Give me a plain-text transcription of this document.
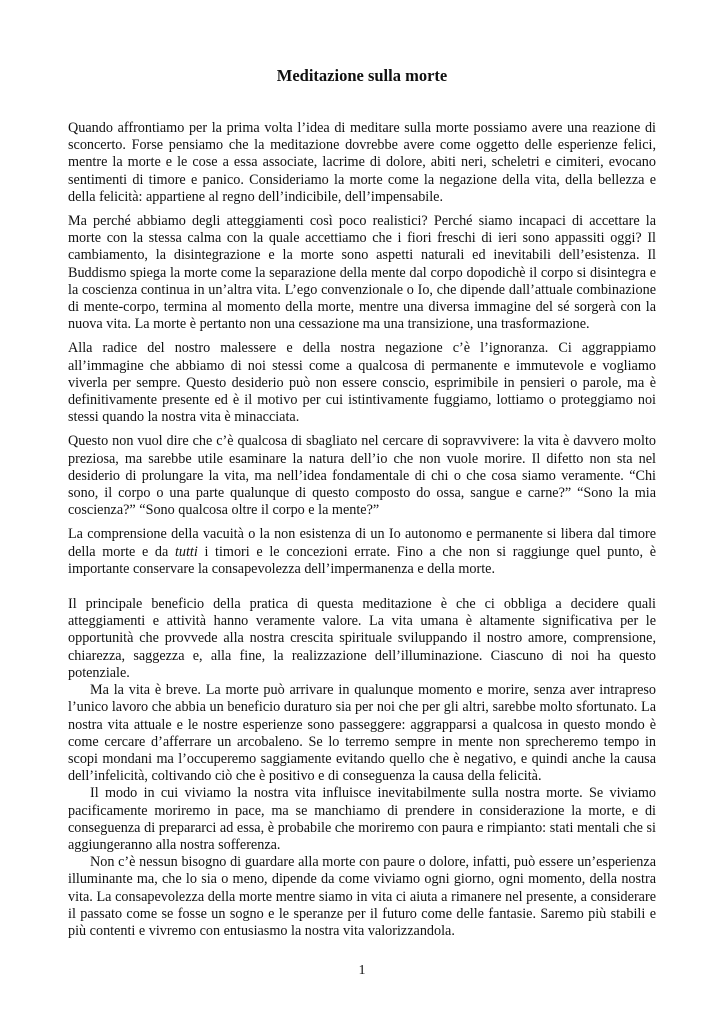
Meditazione sulla morte

Quando affrontiamo per la prima volta l’idea di meditare sulla morte possiamo avere una reazione di sconcerto. Forse pensiamo che la meditazione dovrebbe avere come oggetto delle esperienze felici, mentre la morte e le cose a essa associate, lacrime di dolore, abiti neri, scheletri e cimiteri, evocano sentimenti di timore e panico. Consideriamo la morte come la negazione della vita, della bellezza e della felicità: appartiene al regno dell’indicibile, dell’impensabile.

Ma perché abbiamo degli atteggiamenti così poco realistici? Perché siamo incapaci di accettare la morte con la stessa calma con la quale accettiamo che i fiori freschi di ieri sono appassiti oggi? Il cambiamento, la disintegrazione e la morte sono aspetti naturali ed inevitabili dell’esistenza. Il Buddismo spiega la morte come la separazione della mente dal corpo dopodichè il corpo si disintegra e la coscienza continua in un’altra vita. L’ego convenzionale o Io, che dipende dall’attuale combinazione di mente-corpo, termina al momento della morte, mentre una diversa immagine del sé sorgerà con la nuova vita. La morte è pertanto non una cessazione ma una transizione, una trasformazione.

Alla radice del nostro malessere e della nostra negazione c’è l’ignoranza. Ci aggrappiamo all’immagine che abbiamo di noi stessi come a qualcosa di permanente e immutevole e vogliamo viverla per sempre. Questo desiderio può non essere conscio, esprimibile in pensieri o parole, ma è definitivamente presente ed è il motivo per cui istintivamente fuggiamo, lottiamo o proteggiamo noi stessi quando la nostra vita è minacciata.

Questo non vuol dire che c’è qualcosa di sbagliato nel cercare di sopravvivere: la vita è davvero molto preziosa, ma sarebbe utile esaminare la natura dell’io che non vuole morire. Il difetto non sta nel desiderio di prolungare la vita, ma nell’idea fondamentale di chi o che cosa siamo veramente. “Chi sono, il corpo o una parte qualunque di questo composto do ossa, sangue e carne?” “Sono la mia coscienza?” “Sono qualcosa oltre il corpo e la mente?”

La comprensione della vacuità o la non esistenza di un Io autonomo e permanente si libera dal timore della morte e da tutti i timori e le concezioni errate. Fino a che non si raggiunge quel punto, è importante conservare la consapevolezza dell’impermanenza e della morte.

Il principale beneficio della pratica di questa meditazione è che ci obbliga a decidere quali atteggiamenti e attività hanno veramente valore. La vita umana è altamente significativa per le opportunità che provvede alla nostra crescita spirituale sviluppando il nostro amore, comprensione, chiarezza, saggezza e, alla fine, la realizzazione dell’illuminazione. Ciascuno di noi ha questo potenziale.

Ma la vita è breve. La morte può arrivare in qualunque momento e morire, senza aver intrapreso l’unico lavoro che abbia un beneficio duraturo sia per noi che per gli altri, sarebbe molto sfortunato. La nostra vita attuale e le nostre esperienze sono passeggere: aggrapparsi a qualcosa in questo mondo è come cercare d’afferrare un arcobaleno. Se lo terremo sempre in mente non sprecheremo tempo in scopi mondani ma l’occuperemo saggiamente evitando quello che è negativo, e quindi anche la causa dell’infelicità, coltivando ciò che è positivo e di conseguenza la causa della felicità.

Il modo in cui viviamo la nostra vita influisce inevitabilmente sulla nostra morte. Se viviamo pacificamente moriremo in pace, ma se manchiamo di prendere in considerazione la morte, e di conseguenza di prepararci ad essa, è probabile che moriremo con paura e rimpianto: stati mentali che si aggiungeranno alla nostra sofferenza.

Non c’è nessun bisogno di guardare alla morte con paure o dolore, infatti, può essere un’esperienza illuminante ma, che lo sia o meno, dipende da come viviamo ogni giorno, ogni momento, della nostra vita. La consapevolezza della morte mentre siamo in vita ci aiuta a rimanere nel presente, a considerare il passato come se fosse un sogno e le speranze per il futuro come delle fantasie. Saremo più stabili e più contenti e vivremo con entusiasmo la nostra vita valorizzandola.

1
